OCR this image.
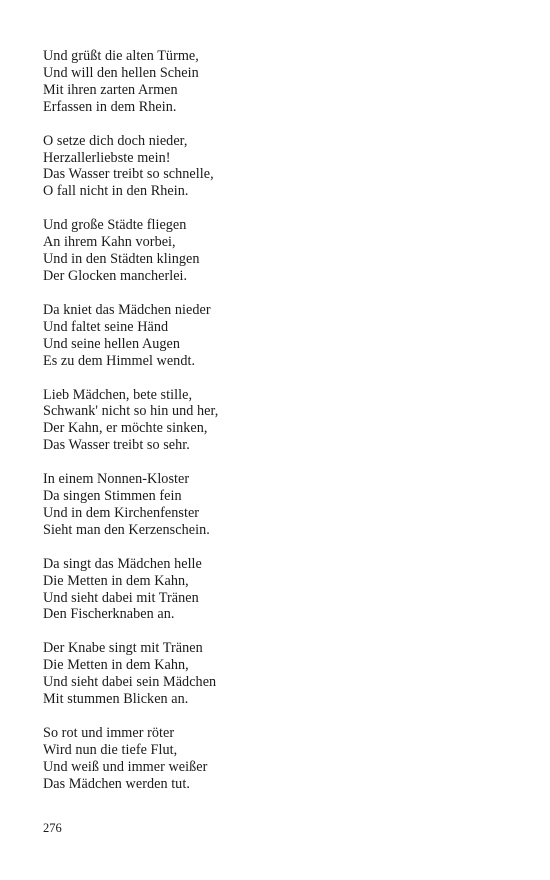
Und grüßt die alten Türme,
Und will den hellen Schein
Mit ihren zarten Armen
Erfassen in dem Rhein.
O setze dich doch nieder,
Herzallerliebste mein!
Das Wasser treibt so schnelle,
O fall nicht in den Rhein.
Und große Städte fliegen
An ihrem Kahn vorbei,
Und in den Städten klingen
Der Glocken mancherlei.
Da kniet das Mädchen nieder
Und faltet seine Händ
Und seine hellen Augen
Es zu dem Himmel wendt.
Lieb Mädchen, bete stille,
Schwank' nicht so hin und her,
Der Kahn, er möchte sinken,
Das Wasser treibt so sehr.
In einem Nonnen-Kloster
Da singen Stimmen fein
Und in dem Kirchenfenster
Sieht man den Kerzenschein.
Da singt das Mädchen helle
Die Metten in dem Kahn,
Und sieht dabei mit Tränen
Den Fischerknaben an.
Der Knabe singt mit Tränen
Die Metten in dem Kahn,
Und sieht dabei sein Mädchen
Mit stummen Blicken an.
So rot und immer röter
Wird nun die tiefe Flut,
Und weiß und immer weißer
Das Mädchen werden tut.
276
